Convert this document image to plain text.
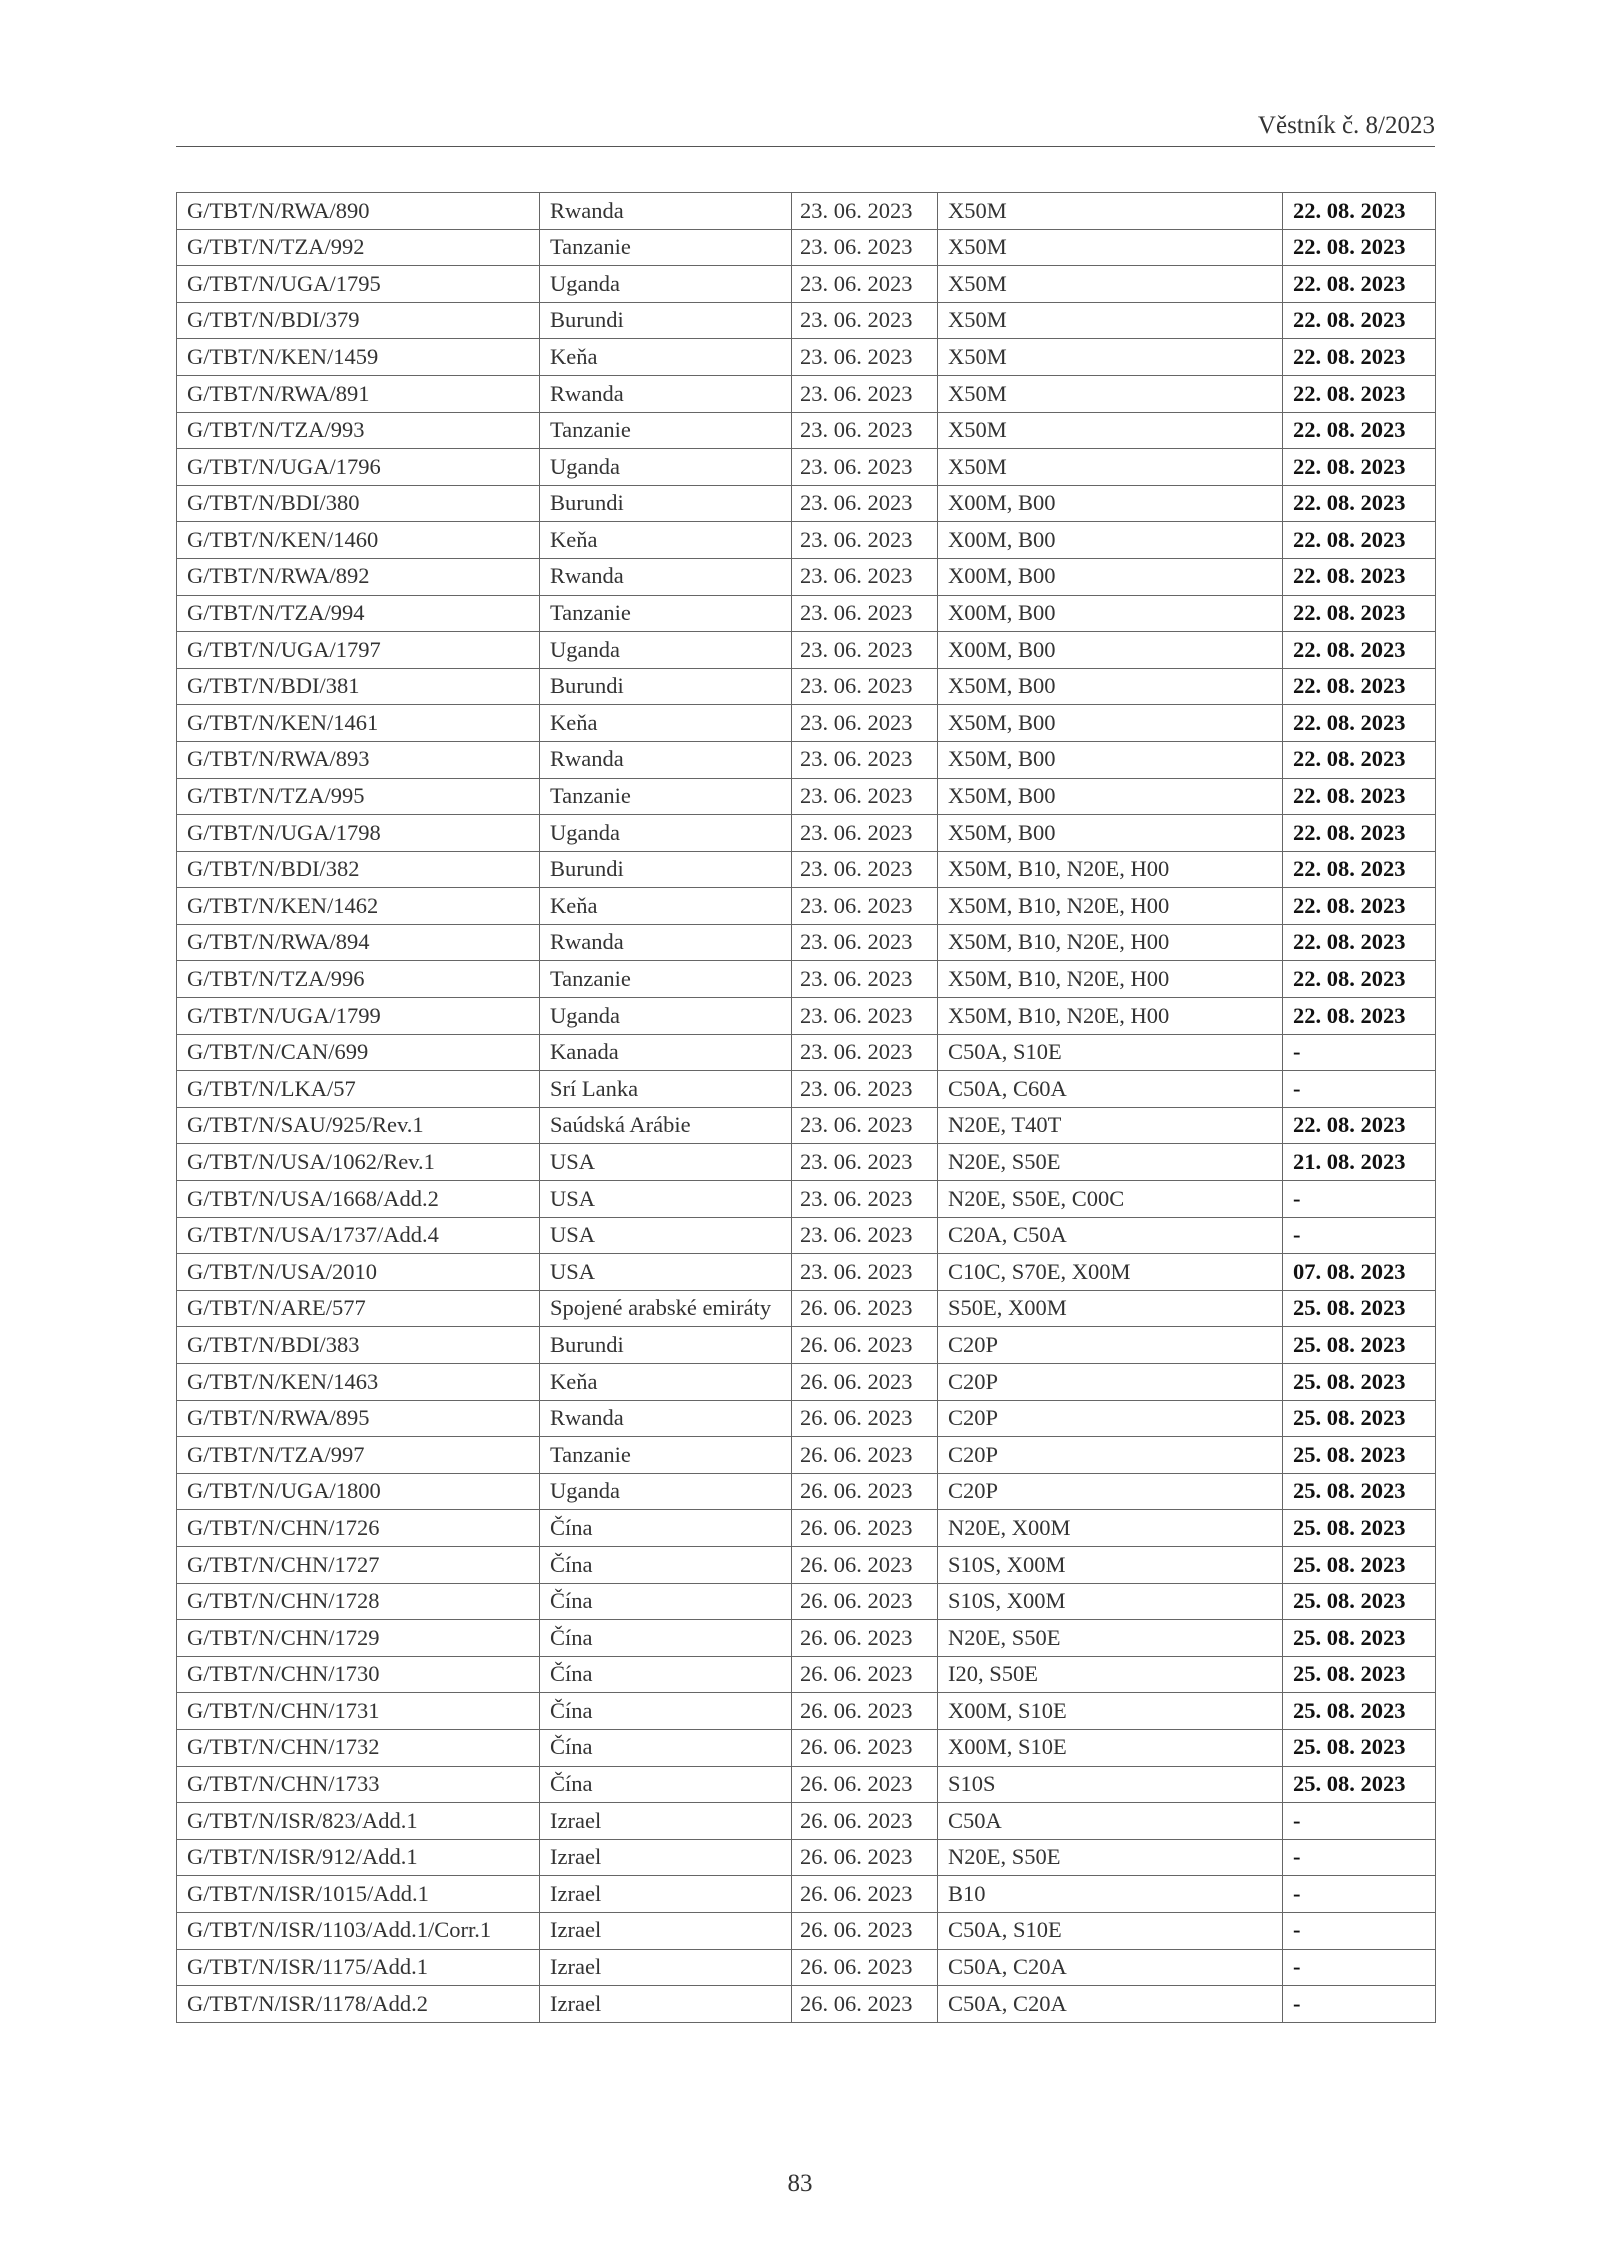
Věstník č. 8/2023
G/TBT/N/RWA/890	Rwanda	23. 06. 2023	X50M	22. 08. 2023
G/TBT/N/TZA/992	Tanzanie	23. 06. 2023	X50M	22. 08. 2023
G/TBT/N/UGA/1795	Uganda	23. 06. 2023	X50M	22. 08. 2023
G/TBT/N/BDI/379	Burundi	23. 06. 2023	X50M	22. 08. 2023
G/TBT/N/KEN/1459	Keňa	23. 06. 2023	X50M	22. 08. 2023
G/TBT/N/RWA/891	Rwanda	23. 06. 2023	X50M	22. 08. 2023
G/TBT/N/TZA/993	Tanzanie	23. 06. 2023	X50M	22. 08. 2023
G/TBT/N/UGA/1796	Uganda	23. 06. 2023	X50M	22. 08. 2023
G/TBT/N/BDI/380	Burundi	23. 06. 2023	X00M, B00	22. 08. 2023
G/TBT/N/KEN/1460	Keňa	23. 06. 2023	X00M, B00	22. 08. 2023
G/TBT/N/RWA/892	Rwanda	23. 06. 2023	X00M, B00	22. 08. 2023
G/TBT/N/TZA/994	Tanzanie	23. 06. 2023	X00M, B00	22. 08. 2023
G/TBT/N/UGA/1797	Uganda	23. 06. 2023	X00M, B00	22. 08. 2023
G/TBT/N/BDI/381	Burundi	23. 06. 2023	X50M, B00	22. 08. 2023
G/TBT/N/KEN/1461	Keňa	23. 06. 2023	X50M, B00	22. 08. 2023
G/TBT/N/RWA/893	Rwanda	23. 06. 2023	X50M, B00	22. 08. 2023
G/TBT/N/TZA/995	Tanzanie	23. 06. 2023	X50M, B00	22. 08. 2023
G/TBT/N/UGA/1798	Uganda	23. 06. 2023	X50M, B00	22. 08. 2023
G/TBT/N/BDI/382	Burundi	23. 06. 2023	X50M, B10, N20E, H00	22. 08. 2023
G/TBT/N/KEN/1462	Keňa	23. 06. 2023	X50M, B10, N20E, H00	22. 08. 2023
G/TBT/N/RWA/894	Rwanda	23. 06. 2023	X50M, B10, N20E, H00	22. 08. 2023
G/TBT/N/TZA/996	Tanzanie	23. 06. 2023	X50M, B10, N20E, H00	22. 08. 2023
G/TBT/N/UGA/1799	Uganda	23. 06. 2023	X50M, B10, N20E, H00	22. 08. 2023
G/TBT/N/CAN/699	Kanada	23. 06. 2023	C50A, S10E	-
G/TBT/N/LKA/57	Srí Lanka	23. 06. 2023	C50A, C60A	-
G/TBT/N/SAU/925/Rev.1	Saúdská Arábie	23. 06. 2023	N20E, T40T	22. 08. 2023
G/TBT/N/USA/1062/Rev.1	USA	23. 06. 2023	N20E, S50E	21. 08. 2023
G/TBT/N/USA/1668/Add.2	USA	23. 06. 2023	N20E, S50E, C00C	-
G/TBT/N/USA/1737/Add.4	USA	23. 06. 2023	C20A, C50A	-
G/TBT/N/USA/2010	USA	23. 06. 2023	C10C, S70E, X00M	07. 08. 2023
G/TBT/N/ARE/577	Spojené arabské emiráty	26. 06. 2023	S50E, X00M	25. 08. 2023
G/TBT/N/BDI/383	Burundi	26. 06. 2023	C20P	25. 08. 2023
G/TBT/N/KEN/1463	Keňa	26. 06. 2023	C20P	25. 08. 2023
G/TBT/N/RWA/895	Rwanda	26. 06. 2023	C20P	25. 08. 2023
G/TBT/N/TZA/997	Tanzanie	26. 06. 2023	C20P	25. 08. 2023
G/TBT/N/UGA/1800	Uganda	26. 06. 2023	C20P	25. 08. 2023
G/TBT/N/CHN/1726	Čína	26. 06. 2023	N20E, X00M	25. 08. 2023
G/TBT/N/CHN/1727	Čína	26. 06. 2023	S10S, X00M	25. 08. 2023
G/TBT/N/CHN/1728	Čína	26. 06. 2023	S10S, X00M	25. 08. 2023
G/TBT/N/CHN/1729	Čína	26. 06. 2023	N20E, S50E	25. 08. 2023
G/TBT/N/CHN/1730	Čína	26. 06. 2023	I20, S50E	25. 08. 2023
G/TBT/N/CHN/1731	Čína	26. 06. 2023	X00M, S10E	25. 08. 2023
G/TBT/N/CHN/1732	Čína	26. 06. 2023	X00M, S10E	25. 08. 2023
G/TBT/N/CHN/1733	Čína	26. 06. 2023	S10S	25. 08. 2023
G/TBT/N/ISR/823/Add.1	Izrael	26. 06. 2023	C50A	-
G/TBT/N/ISR/912/Add.1	Izrael	26. 06. 2023	N20E, S50E	-
G/TBT/N/ISR/1015/Add.1	Izrael	26. 06. 2023	B10	-
G/TBT/N/ISR/1103/Add.1/Corr.1	Izrael	26. 06. 2023	C50A, S10E	-
G/TBT/N/ISR/1175/Add.1	Izrael	26. 06. 2023	C50A, C20A	-
G/TBT/N/ISR/1178/Add.2	Izrael	26. 06. 2023	C50A, C20A	-
83
